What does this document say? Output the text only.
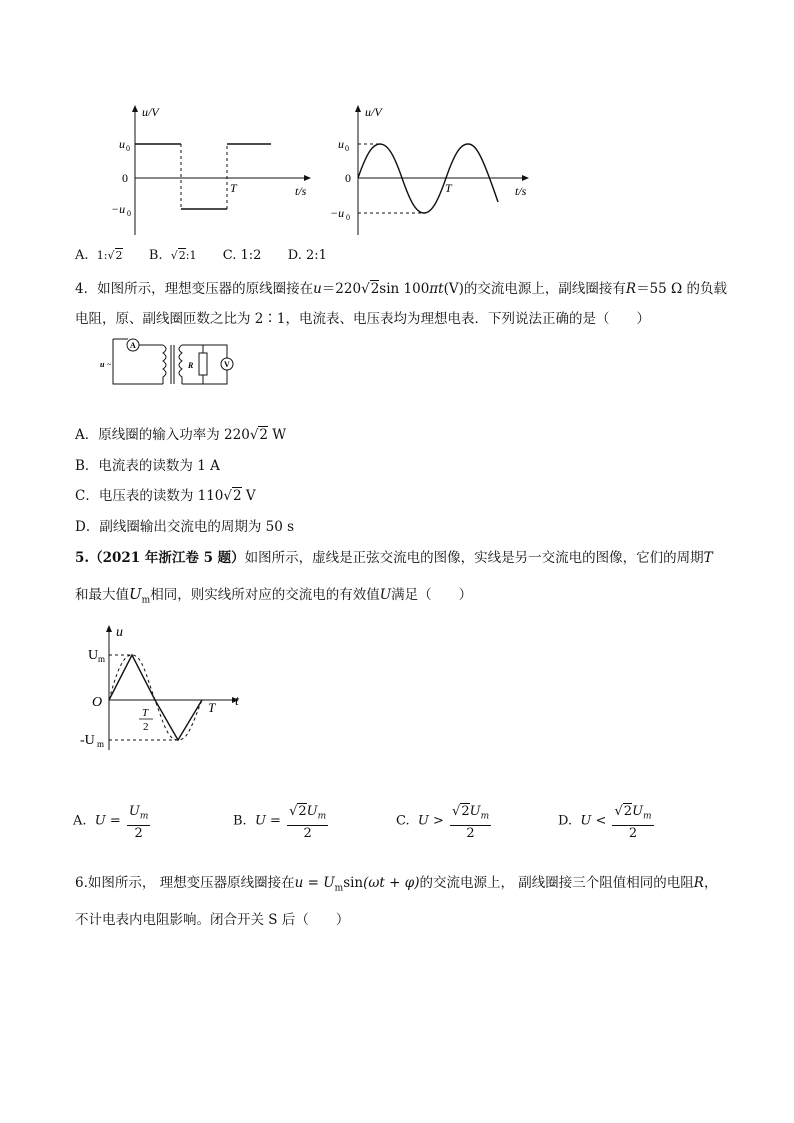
u/V
u 0
0
−u 0
T	t/s
u/V
u 0
0
−u 0
T	t/s
A. 1:√2 B. √2:1 C. 1:2 D. 2:1
4．如图所示，理想变压器的原线圈接在u＝220√2sin 100πt(V)的交流电源上，副线圈接有R＝55 Ω 的负载
电阻，原、副线圈匝数之比为 2∶1，电流表、电压表均为理想电表．下列说法正确的是（　　）
A
R	V
u ~
A．原线圈的输入功率为 220√2 W
B．电流表的读数为 1 A
C．电压表的读数为 110√2 V
D．副线圈输出交流电的周期为 50 s
5.（2021 年浙江卷 5 题）如图所示，虚线是正弦交流电的图像，实线是另一交流电的图像，它们的周期T
和最大值$U_m$相同，则实线所对应的交流电的有效值U满足（　　）
u
U m
O
T
2
T t
-U m
A. $U = \frac{U_m}{2}$	B. $U = \frac{√2U_m}{2}$	C. $U > \frac{√2U_m}{2}$	D. $U < \frac{√2U_m}{2}$
6.如图所示， 理想变压器原线圈接在$u = U_m\sin(\omega t + \varphi)$的交流电源上， 副线圈接三个阻值相同的电阻R，
不计电表内电阻影响。闭合开关 S 后（　　）
